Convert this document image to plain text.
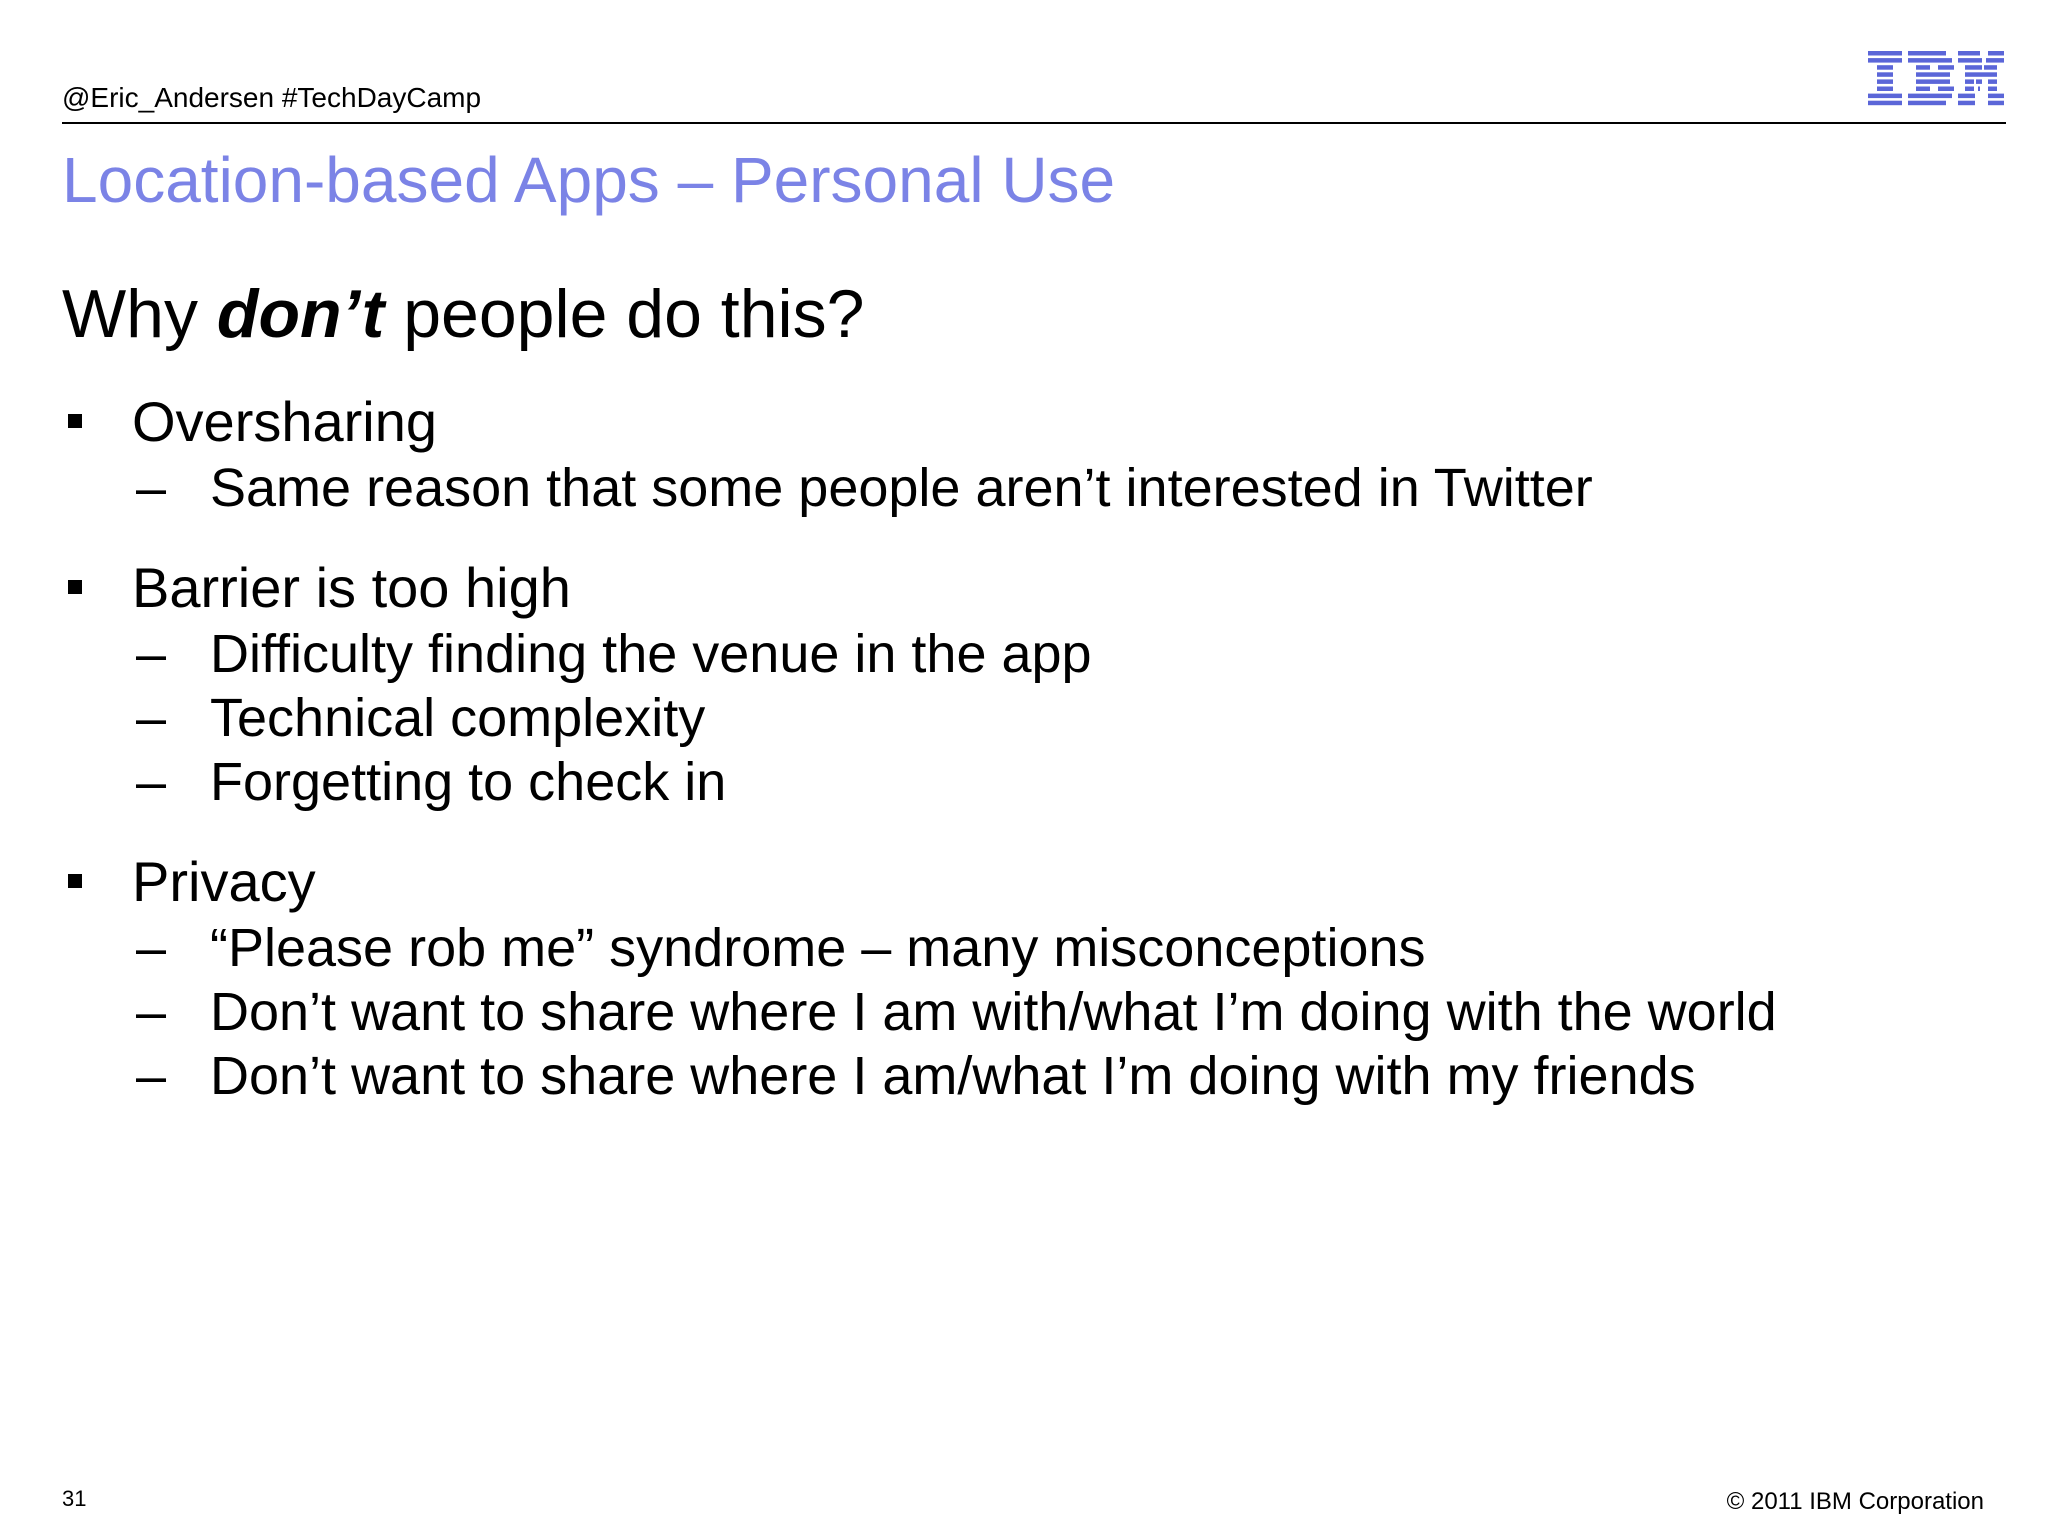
@Eric_Andersen #TechDayCamp
Location-based Apps – Personal Use
Why don’t people do this?
Oversharing
– Same reason that some people aren’t interested in Twitter
Barrier is too high
– Difficulty finding the venue in the app
– Technical complexity
– Forgetting to check in
Privacy
– “Please rob me” syndrome – many misconceptions
– Don’t want to share where I am with/what I’m doing with the world
– Don’t want to share where I am/what I’m doing with my friends
31	© 2011 IBM Corporation
